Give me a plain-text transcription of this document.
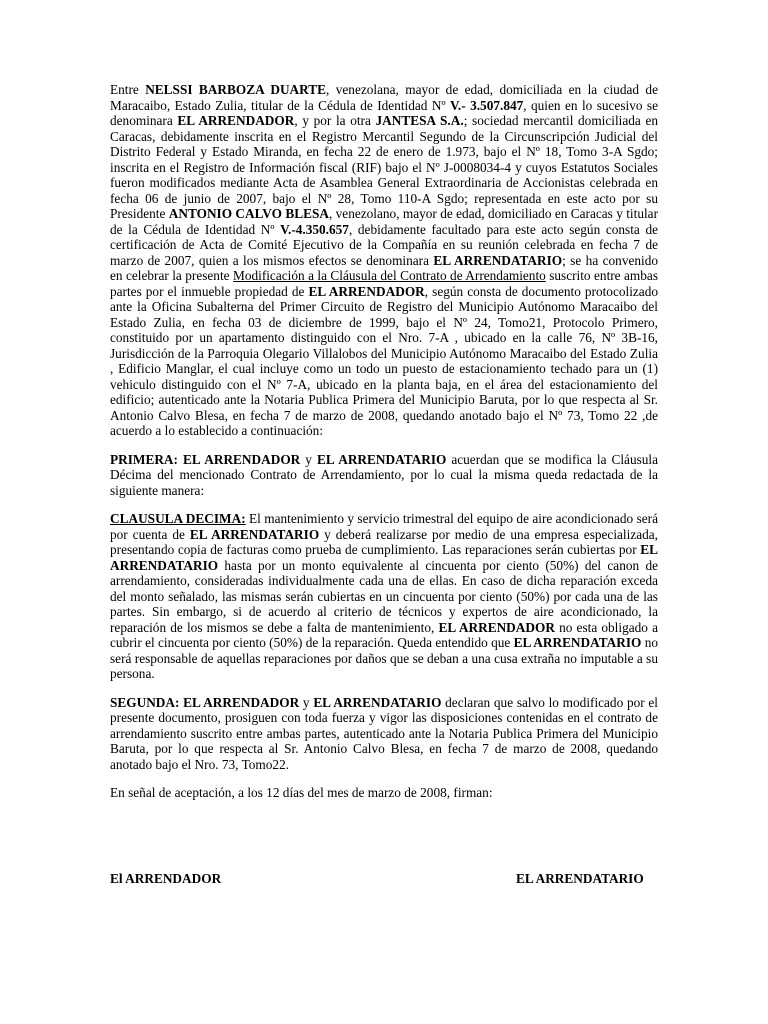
Entre NELSSI BARBOZA DUARTE, venezolana, mayor de edad, domiciliada en la ciudad de Maracaibo, Estado Zulia, titular de la Cédula de Identidad Nº V.- 3.507.847, quien en lo sucesivo se denominara EL ARRENDADOR, y por la otra JANTESA S.A.; sociedad mercantil domiciliada en Caracas, debidamente inscrita en el Registro Mercantil Segundo de la Circunscripción Judicial del Distrito Federal y Estado Miranda, en fecha 22 de enero de 1.973, bajo el Nº 18, Tomo 3-A Sgdo; inscrita en el Registro de Información fiscal (RIF) bajo el Nº J-0008034-4 y cuyos Estatutos Sociales fueron modificados mediante Acta de Asamblea General Extraordinaria de Accionistas celebrada en fecha 06 de junio de 2007, bajo el Nº 28, Tomo 110-A Sgdo; representada en este acto por su Presidente ANTONIO CALVO BLESA, venezolano, mayor de edad, domiciliado en Caracas y titular de la Cédula de Identidad Nº V.-4.350.657, debidamente facultado para este acto según consta de certificación de Acta de Comité Ejecutivo de la Compañía en su reunión celebrada en fecha 7 de marzo de 2007, quien a los mismos efectos se denominara EL ARRENDATARIO; se ha convenido en celebrar la presente Modificación a la Cláusula del Contrato de Arrendamiento suscrito entre ambas partes por el inmueble propiedad de EL ARRENDADOR, según consta de documento protocolizado ante la Oficina Subalterna del Primer Circuito de Registro del Municipio Autónomo Maracaibo del Estado Zulia, en fecha 03 de diciembre de 1999, bajo el Nº 24, Tomo21, Protocolo Primero, constituido por un apartamento distinguido con el Nro. 7-A , ubicado en la calle 76, Nº 3B-16, Jurisdicción de la Parroquia Olegario Villalobos del Municipio Autónomo Maracaibo del Estado Zulia , Edificio Manglar, el cual incluye como un todo un puesto de estacionamiento techado para un (1) vehiculo distinguido con el Nº 7-A, ubicado en la planta baja, en el área del estacionamiento del edificio; autenticado ante la Notaria Publica Primera del Municipio Baruta, por lo que respecta al Sr. Antonio Calvo Blesa, en fecha 7 de marzo de 2008, quedando anotado bajo el Nº 73, Tomo 22 ,de acuerdo a lo establecido a continuación:

PRIMERA: EL ARRENDADOR y EL ARRENDATARIO acuerdan que se modifica la Cláusula Décima del mencionado Contrato de Arrendamiento, por lo cual la misma queda redactada de la siguiente manera:

CLAUSULA DECIMA: El mantenimiento y servicio trimestral del equipo de aire acondicionado será por cuenta de EL ARRENDATARIO y deberá realizarse por medio de una empresa especializada, presentando copia de facturas como prueba de cumplimiento. Las reparaciones serán cubiertas por EL ARRENDATARIO hasta por un monto equivalente al cincuenta por ciento (50%) del canon de arrendamiento, consideradas individualmente cada una de ellas. En caso de dicha reparación exceda del monto señalado, las mismas serán cubiertas en un cincuenta por ciento (50%) por cada una de las partes. Sin embargo, si de acuerdo al criterio de técnicos y expertos de aire acondicionado, la reparación de los mismos se debe a falta de mantenimiento, EL ARRENDADOR no esta obligado a cubrir el cincuenta por ciento (50%) de la reparación. Queda entendido que EL ARRENDATARIO no será responsable de aquellas reparaciones por daños que se deban a una cusa extraña no imputable a su persona.

SEGUNDA: EL ARRENDADOR y EL ARRENDATARIO declaran que salvo lo modificado por el presente documento, prosiguen con toda fuerza y vigor las disposiciones contenidas en el contrato de arrendamiento suscrito entre ambas partes, autenticado ante la Notaria Publica Primera del Municipio Baruta, por lo que respecta al Sr. Antonio Calvo Blesa, en fecha 7 de marzo de 2008, quedando anotado bajo el Nro. 73, Tomo22.

En señal de aceptación, a los 12 días del mes de marzo de 2008, firman:

El ARRENDADOR	EL ARRENDATARIO
